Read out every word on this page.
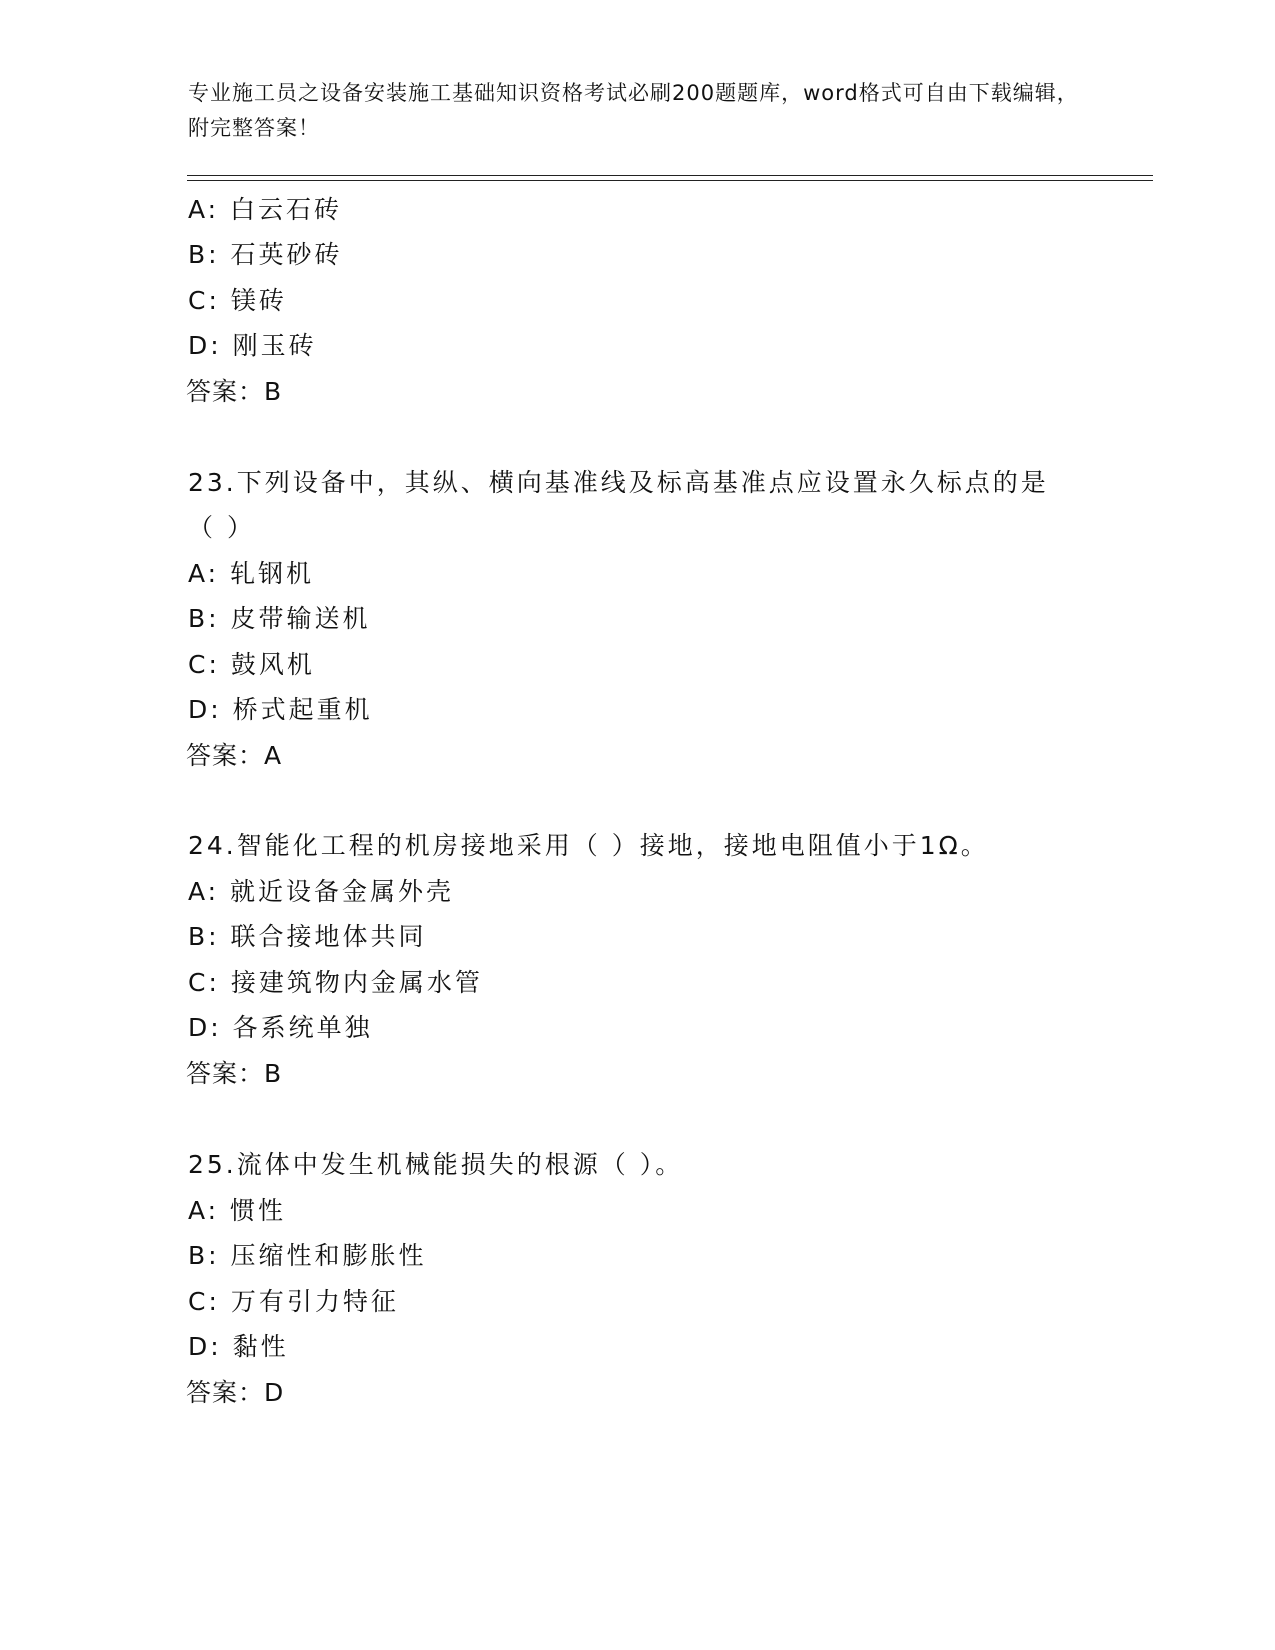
专业施工员之设备安装施工基础知识资格考试必刷200题题库，word格式可自由下载编辑，附完整答案！

A: 白云石砖
B: 石英砂砖
C: 镁砖
D: 刚玉砖
答案：B
23.下列设备中，其纵、横向基准线及标高基准点应设置永久标点的是
（ ）
A: 轧钢机
B: 皮带输送机
C: 鼓风机
D: 桥式起重机
答案：A
24.智能化工程的机房接地采用（ ）接地，接地电阻值小于1Ω。
A: 就近设备金属外壳
B: 联合接地体共同
C: 接建筑物内金属水管
D: 各系统单独
答案：B
25.流体中发生机械能损失的根源（ ）。
A: 惯性
B: 压缩性和膨胀性
C: 万有引力特征
D: 黏性
答案：D
